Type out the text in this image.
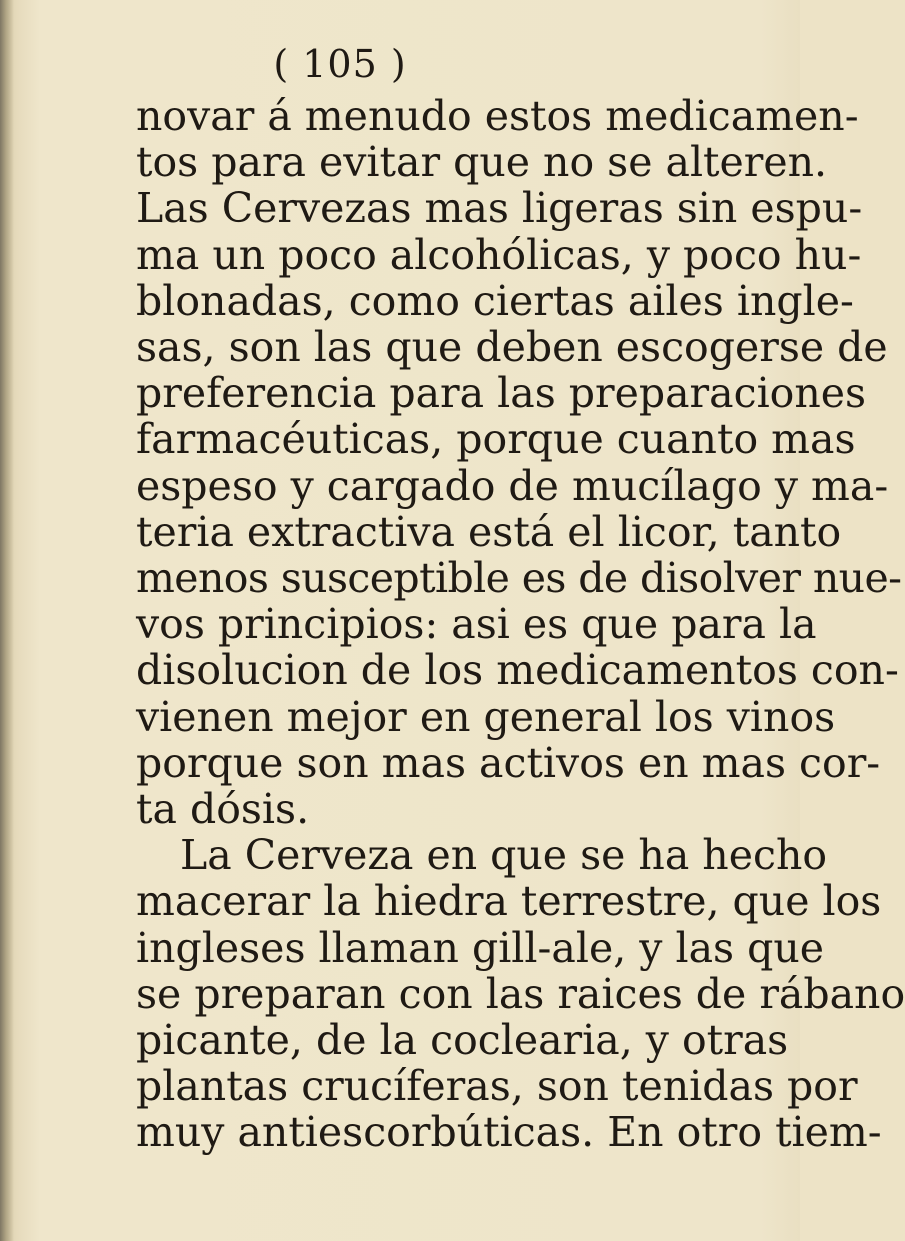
( 105 )
novar á menudo estos medicamen-
tos para evitar que no se alteren.
Las Cervezas mas ligeras sin espu-
ma un poco alcohólicas, y poco hu-
blonadas, como ciertas ailes ingle-
sas, son las que deben escogerse de
preferencia para las preparaciones
farmacéuticas, porque cuanto mas
espeso y cargado de mucílago y ma-
teria extractiva está el licor, tanto
menos susceptible es de disolver nue-
vos principios: asi es que para la
disolucion de los medicamentos con-
vienen mejor en general los vinos
porque son mas activos en mas cor-
ta dósis.
La Cerveza en que se ha hecho
macerar la hiedra terrestre, que los
ingleses llaman gill-ale, y las que
se preparan con las raices de rábano
picante, de la coclearia, y otras
plantas crucíferas, son tenidas por
muy antiescorbúticas. En otro tiem-
